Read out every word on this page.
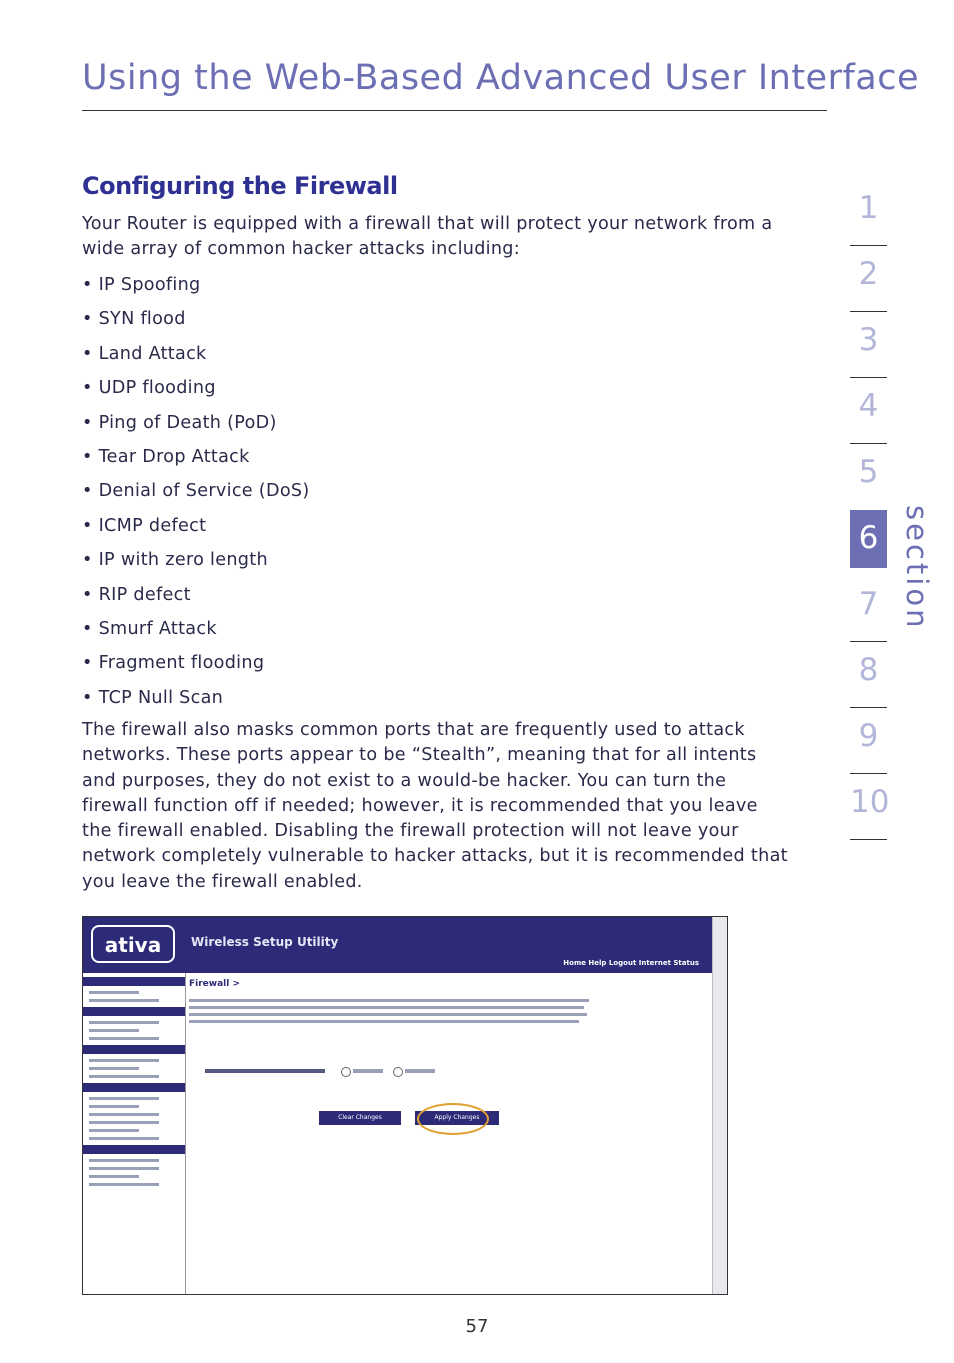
Using the Web-Based Advanced User Interface
Configuring the Firewall
Your Router is equipped with a firewall that will protect your network from a wide array of common hacker attacks including:
• IP Spoofing
• SYN flood
• Land Attack
• UDP flooding
• Ping of Death (PoD)
• Tear Drop Attack
• Denial of Service (DoS)
• ICMP defect
• IP with zero length
• RIP defect
• Smurf Attack
• Fragment flooding
• TCP Null Scan
The firewall also masks common ports that are frequently used to attack networks. These ports appear to be “Stealth”, meaning that for all intents and purposes, they do not exist to a would-be hacker. You can turn the firewall function off if needed; however, it is recommended that you leave the firewall enabled. Disabling the firewall protection will not leave your network completely vulnerable to hacker attacks, but it is recommended that you leave the firewall enabled.
ativa	Wireless Setup Utility
Home Help Logout Internet Status
Firewall >
Clear Changes	Apply Changes
1
2
3
4
5
6
7
8
9
10
section
57
